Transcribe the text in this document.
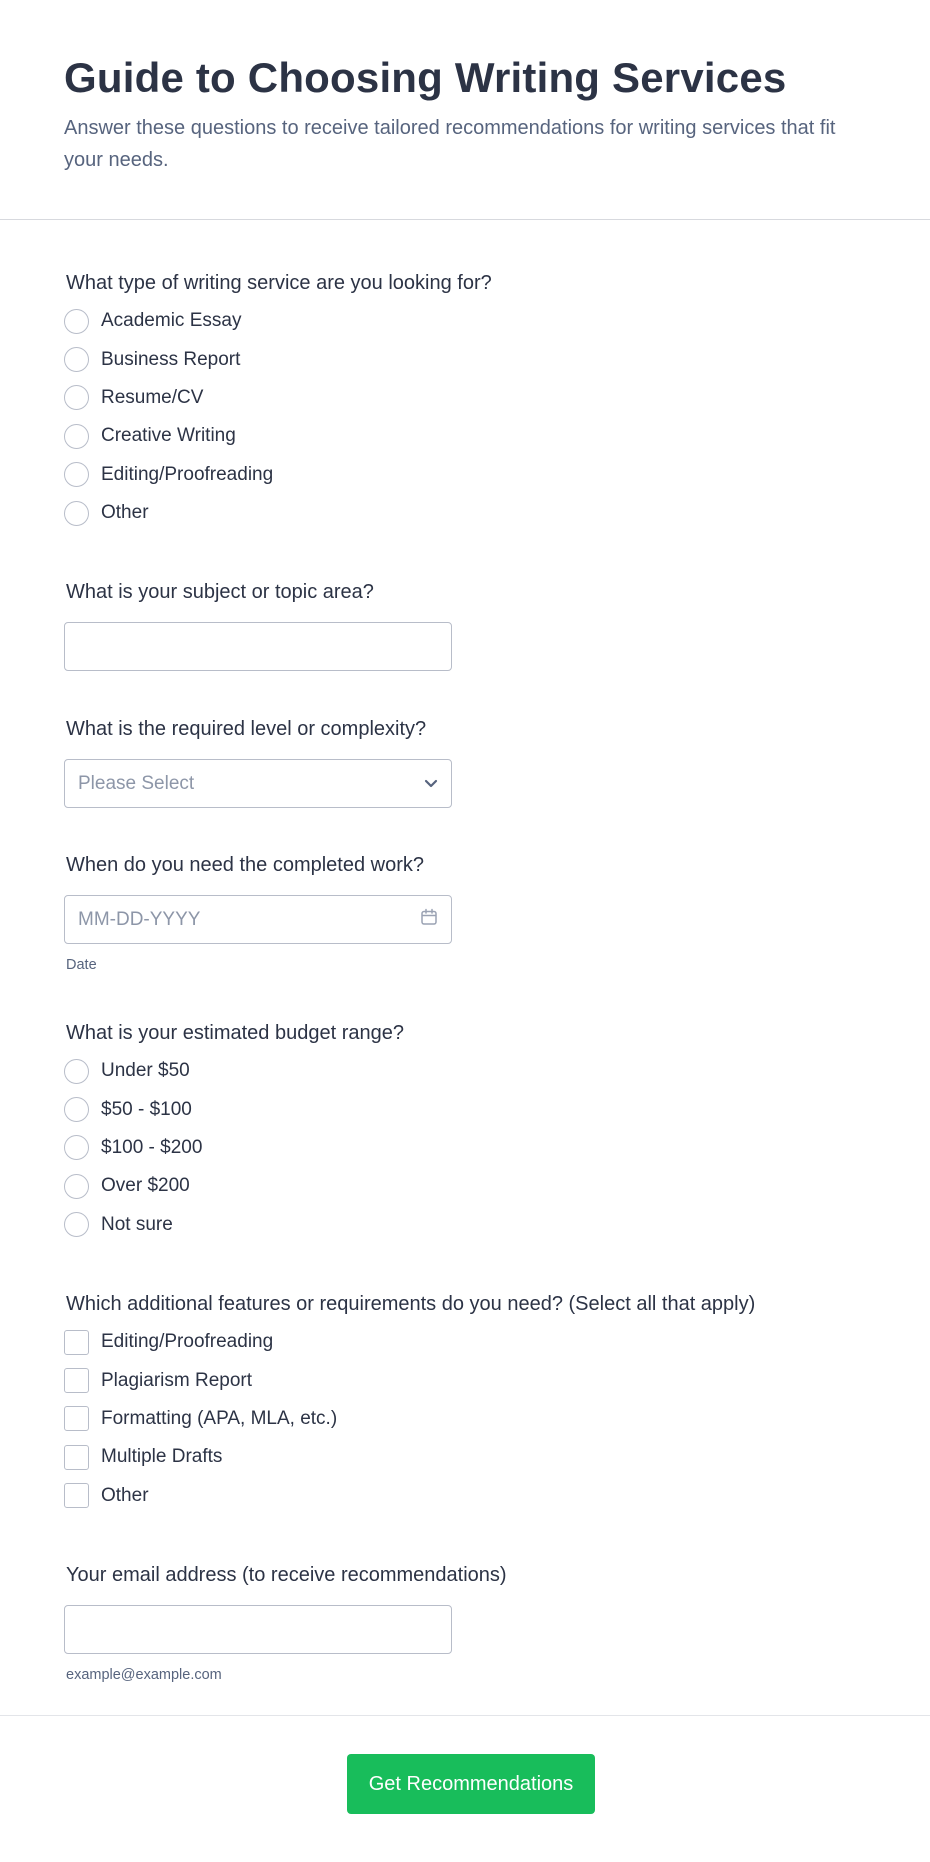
Guide to Choosing Writing Services

Answer these questions to receive tailored recommendations for writing services that fit your needs.

What type of writing service are you looking for?
Academic Essay
Business Report
Resume/CV
Creative Writing
Editing/Proofreading
Other
What is your subject or topic area?
What is the required level or complexity?
Please Select
When do you need the completed work?
MM-DD-YYYY
Date
What is your estimated budget range?
Under $50
$50 - $100
$100 - $200
Over $200
Not sure
Which additional features or requirements do you need? (Select all that apply)
Editing/Proofreading
Plagiarism Report
Formatting (APA, MLA, etc.)
Multiple Drafts
Other
Your email address (to receive recommendations)
example@example.com
Get Recommendations
